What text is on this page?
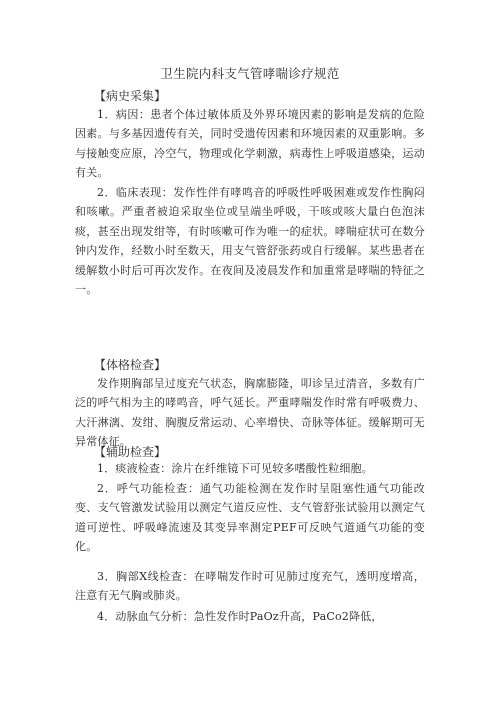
卫生院内科支气管哮喘诊疗规范
【病史采集】
1．病因：患者个体过敏体质及外界环境因素的影响是发病的危险因素。与多基因遗传有关，同时受遗传因素和环境因素的双重影响。多与接触变应原，冷空气，物理或化学刺激，病毒性上呼吸道感染，运动有关。
2．临床表现：发作性伴有哮鸣音的呼吸性呼吸困难或发作性胸闷和咳嗽。严重者被迫采取坐位或呈端坐呼吸，干咳或咳大量白色泡沫痰，甚至出现发绀等，有时咳嗽可作为唯一的症状。哮喘症状可在数分钟内发作，经数小时至数天，用支气管舒张药或自行缓解。某些患者在缓解数小时后可再次发作。在夜间及凌晨发作和加重常是哮喘的特征之一。
【体格检查】
发作期胸部呈过度充气状态，胸廓膨隆，叩诊呈过清音，多数有广泛的呼气相为主的哮鸣音，呼气延长。严重哮喘发作时常有呼吸费力、大汗淋漓、发绀、胸腹反常运动、心率增快、奇脉等体征。缓解期可无异常体征。
【辅助检查】
1．痰液检查：涂片在纤维镜下可见较多嗜酸性粒细胞。
2．呼气功能检查：通气功能检测在发作时呈阻塞性通气功能改变、支气管激发试验用以测定气道反应性、支气管舒张试验用以测定气道可逆性、呼吸峰流速及其变异率测定PEF可反映气道通气功能的变化。
3．胸部X线检查：在哮喘发作时可见肺过度充气，透明度增高，注意有无气胸或肺炎。
4．动脉血气分析：急性发作时PaOz升高，PaCo2降低，
